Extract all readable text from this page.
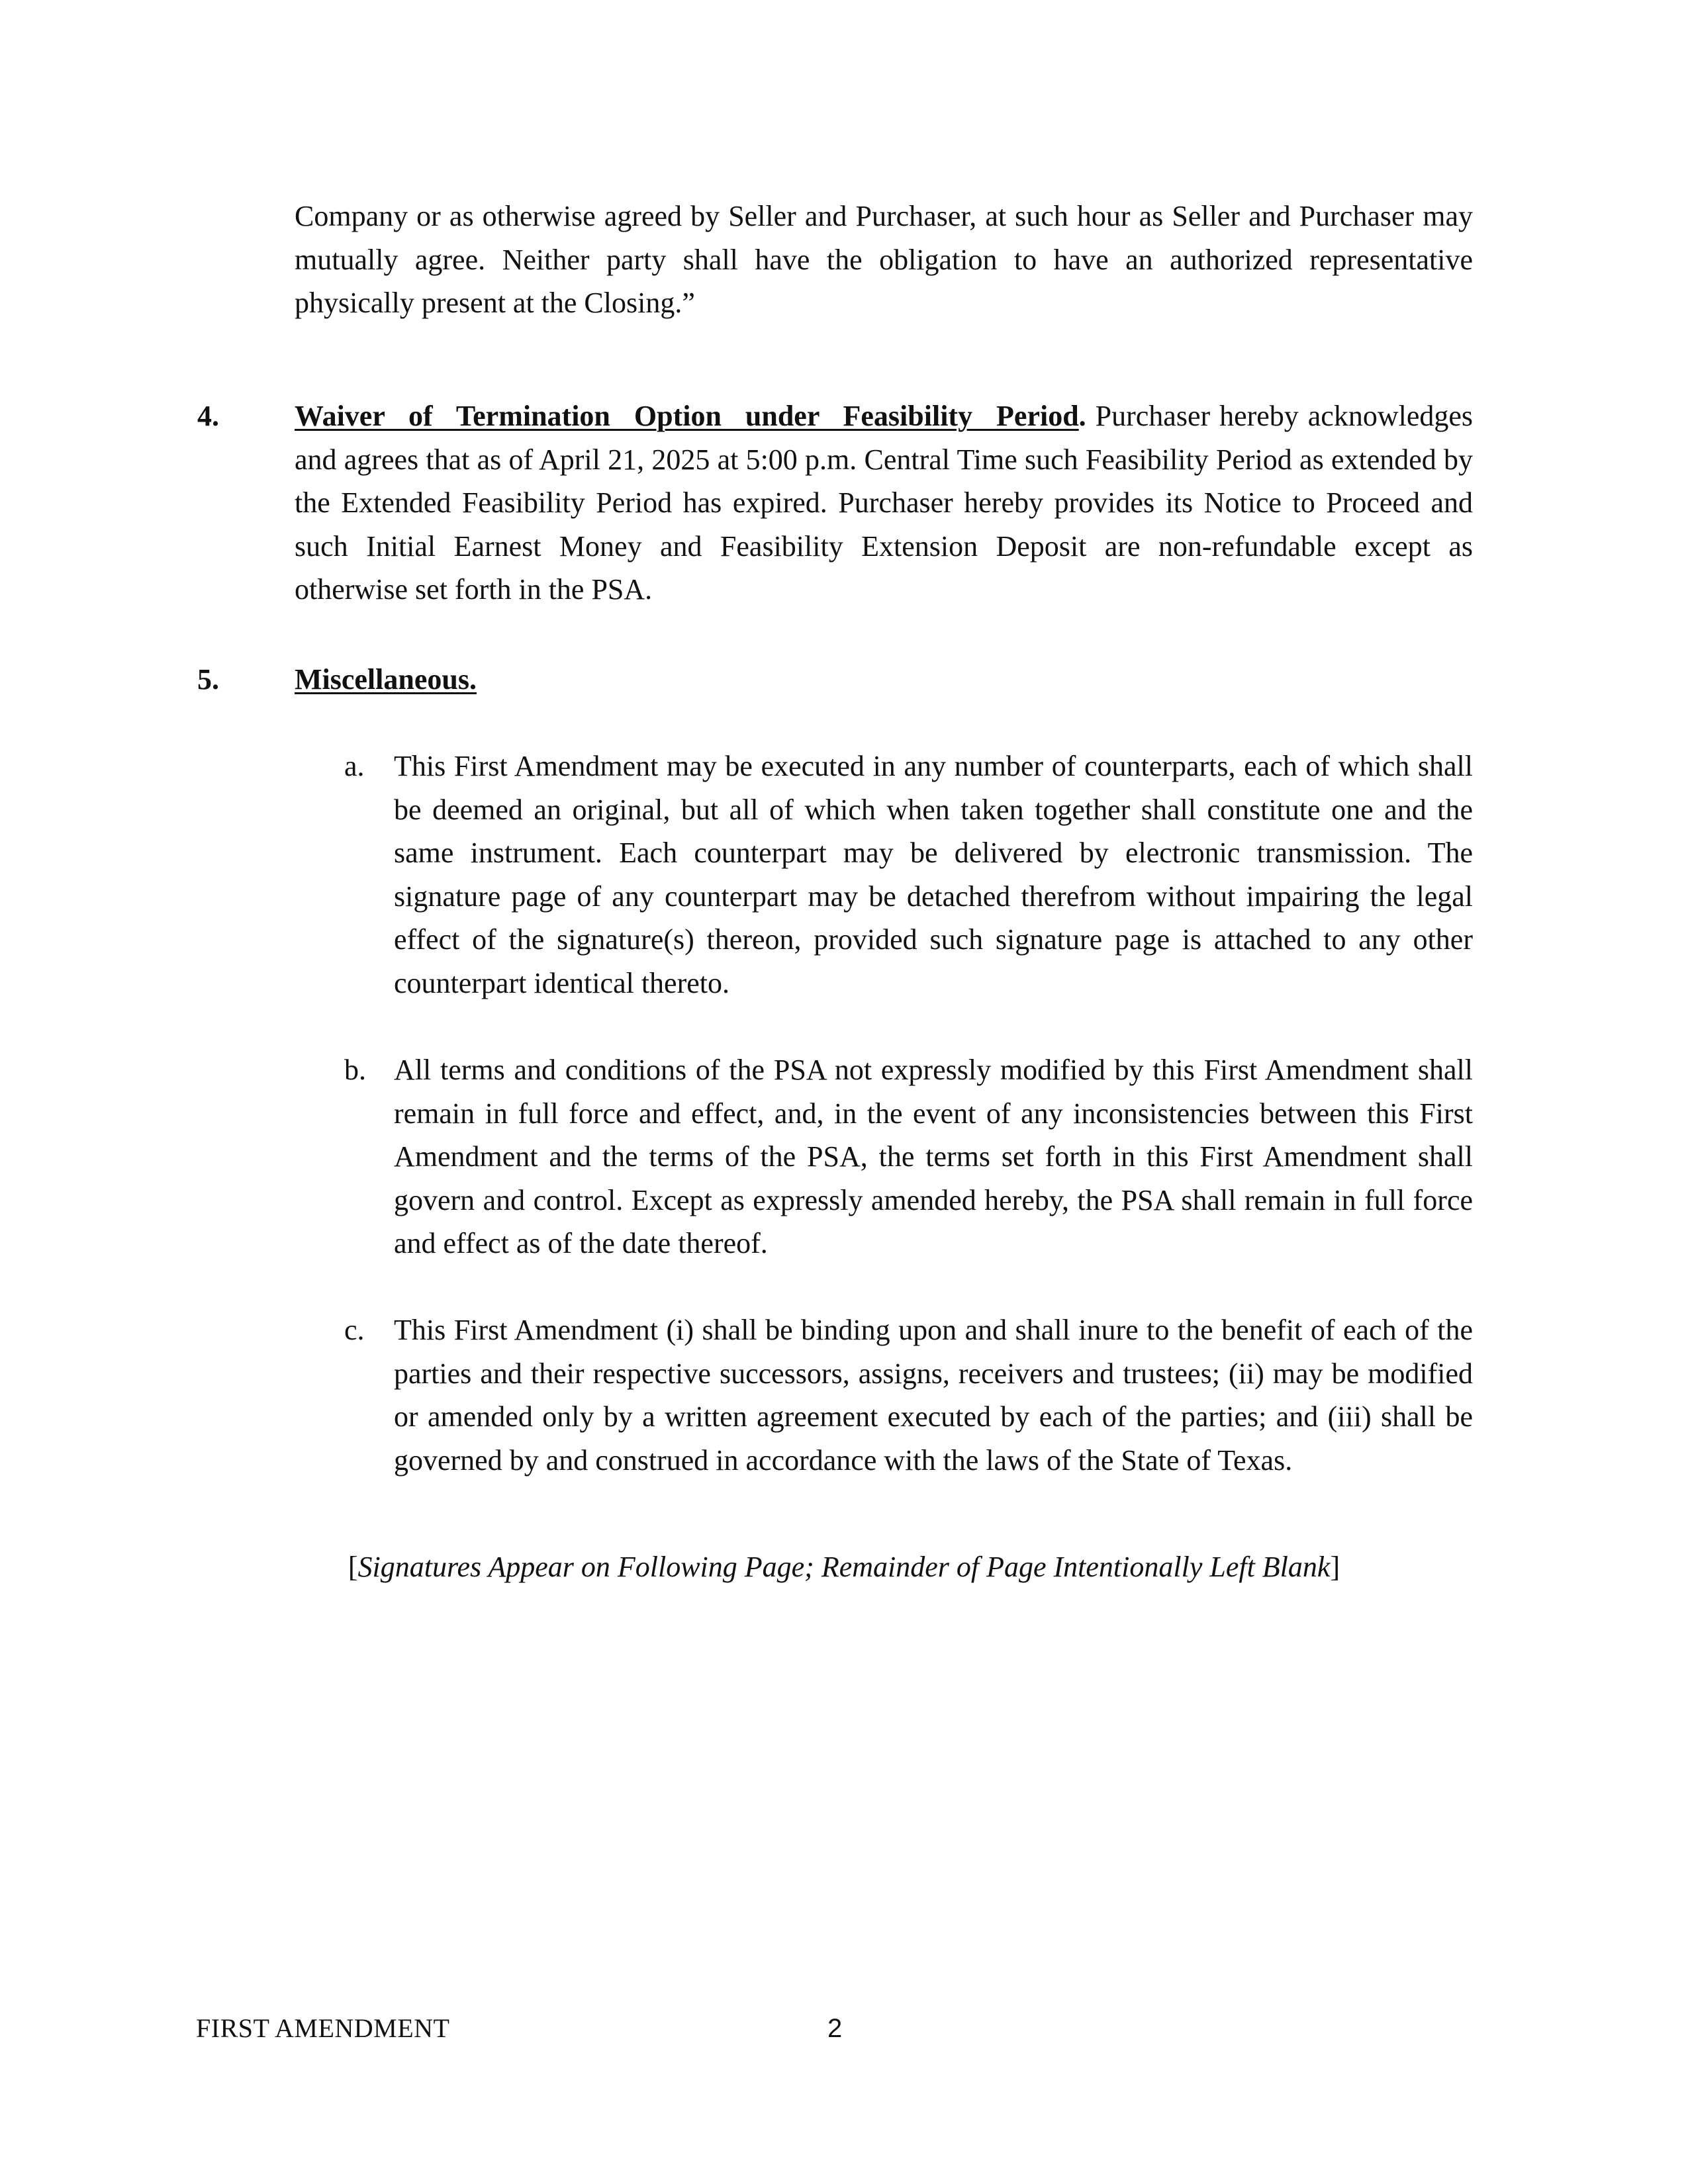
Company or as otherwise agreed by Seller and Purchaser, at such hour as Seller and Purchaser may mutually agree. Neither party shall have the obligation to have an authorized representative physically present at the Closing.”

4.	Waiver of Termination Option under Feasibility Period. Purchaser hereby acknowledges and agrees that as of April 21, 2025 at 5:00 p.m. Central Time such Feasibility Period as extended by the Extended Feasibility Period has expired. Purchaser hereby provides its Notice to Proceed and such Initial Earnest Money and Feasibility Extension Deposit are non-refundable except as otherwise set forth in the PSA.

5.	Miscellaneous.
a. This First Amendment may be executed in any number of counterparts, each of which shall be deemed an original, but all of which when taken together shall constitute one and the same instrument. Each counterpart may be delivered by electronic transmission. The signature page of any counterpart may be detached therefrom without impairing the legal effect of the signature(s) thereon, provided such signature page is attached to any other counterpart identical thereto.

b. All terms and conditions of the PSA not expressly modified by this First Amendment shall remain in full force and effect, and, in the event of any inconsistencies between this First Amendment and the terms of the PSA, the terms set forth in this First Amendment shall govern and control. Except as expressly amended hereby, the PSA shall remain in full force and effect as of the date thereof.

c. This First Amendment (i) shall be binding upon and shall inure to the benefit of each of the parties and their respective successors, assigns, receivers and trustees; (ii) may be modified or amended only by a written agreement executed by each of the parties; and (iii) shall be governed by and construed in accordance with the laws of the State of Texas.

[Signatures Appear on Following Page; Remainder of Page Intentionally Left Blank]
FIRST AMENDMENT	2
